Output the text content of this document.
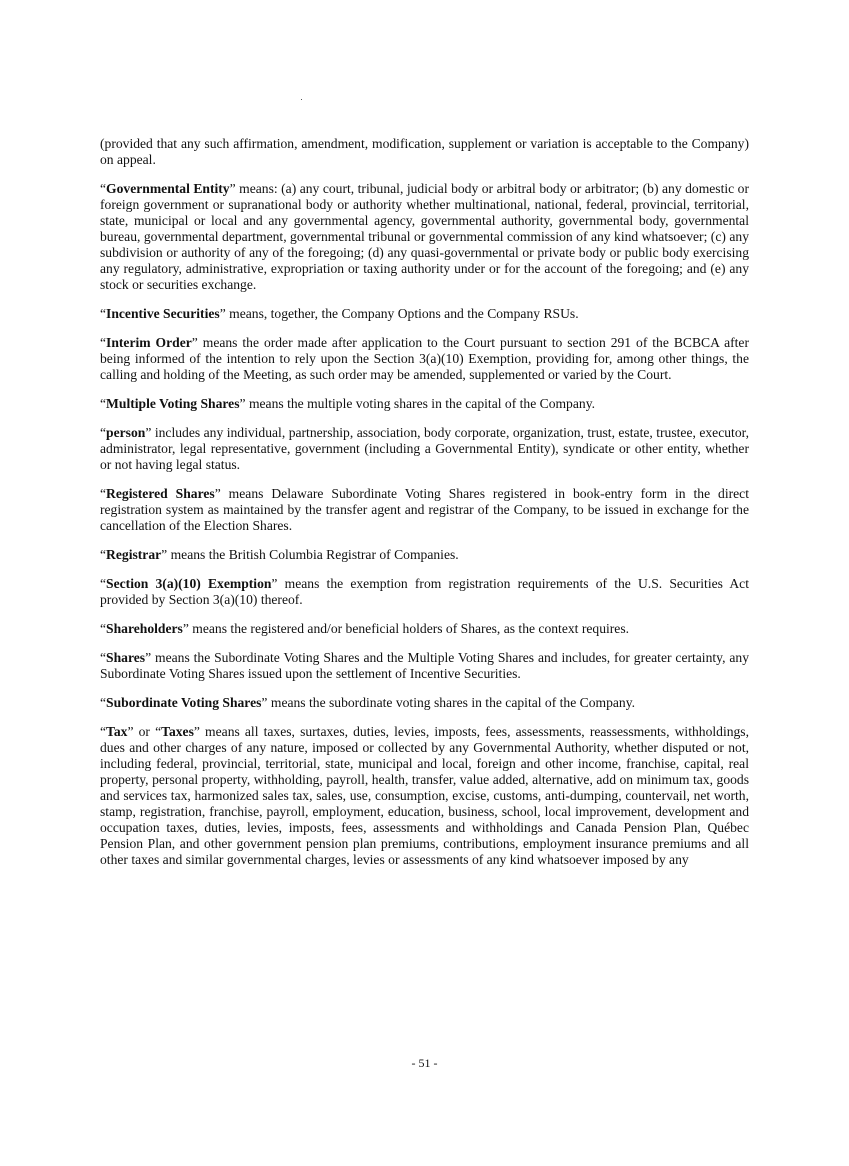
(provided that any such affirmation, amendment, modification, supplement or variation is acceptable to the Company) on appeal.

“Governmental Entity” means: (a) any court, tribunal, judicial body or arbitral body or arbitrator; (b) any domestic or foreign government or supranational body or authority whether multinational, national, federal, provincial, territorial, state, municipal or local and any governmental agency, governmental authority, governmental body, governmental bureau, governmental department, governmental tribunal or governmental commission of any kind whatsoever; (c) any subdivision or authority of any of the foregoing; (d) any quasi-governmental or private body or public body exercising any regulatory, administrative, expropriation or taxing authority under or for the account of the foregoing; and (e) any stock or securities exchange.

“Incentive Securities” means, together, the Company Options and the Company RSUs.

“Interim Order” means the order made after application to the Court pursuant to section 291 of the BCBCA after being informed of the intention to rely upon the Section 3(a)(10) Exemption, providing for, among other things, the calling and holding of the Meeting, as such order may be amended, supplemented or varied by the Court.

“Multiple Voting Shares” means the multiple voting shares in the capital of the Company.

“person” includes any individual, partnership, association, body corporate, organization, trust, estate, trustee, executor, administrator, legal representative, government (including a Governmental Entity), syndicate or other entity, whether or not having legal status.

“Registered Shares” means Delaware Subordinate Voting Shares registered in book-entry form in the direct registration system as maintained by the transfer agent and registrar of the Company, to be issued in exchange for the cancellation of the Election Shares.

“Registrar” means the British Columbia Registrar of Companies.

“Section 3(a)(10) Exemption” means the exemption from registration requirements of the U.S. Securities Act provided by Section 3(a)(10) thereof.

“Shareholders” means the registered and/or beneficial holders of Shares, as the context requires.

“Shares” means the Subordinate Voting Shares and the Multiple Voting Shares and includes, for greater certainty, any Subordinate Voting Shares issued upon the settlement of Incentive Securities.

“Subordinate Voting Shares” means the subordinate voting shares in the capital of the Company.

“Tax” or “Taxes” means all taxes, surtaxes, duties, levies, imposts, fees, assessments, reassessments, withholdings, dues and other charges of any nature, imposed or collected by any Governmental Authority, whether disputed or not, including federal, provincial, territorial, state, municipal and local, foreign and other income, franchise, capital, real property, personal property, withholding, payroll, health, transfer, value added, alternative, add on minimum tax, goods and services tax, harmonized sales tax, sales, use, consumption, excise, customs, anti-dumping, countervail, net worth, stamp, registration, franchise, payroll, employment, education, business, school, local improvement, development and occupation taxes, duties, levies, imposts, fees, assessments and withholdings and Canada Pension Plan, Québec Pension Plan, and other government pension plan premiums, contributions, employment insurance premiums and all other taxes and similar governmental charges, levies or assessments of any kind whatsoever imposed by any

- 51 -
